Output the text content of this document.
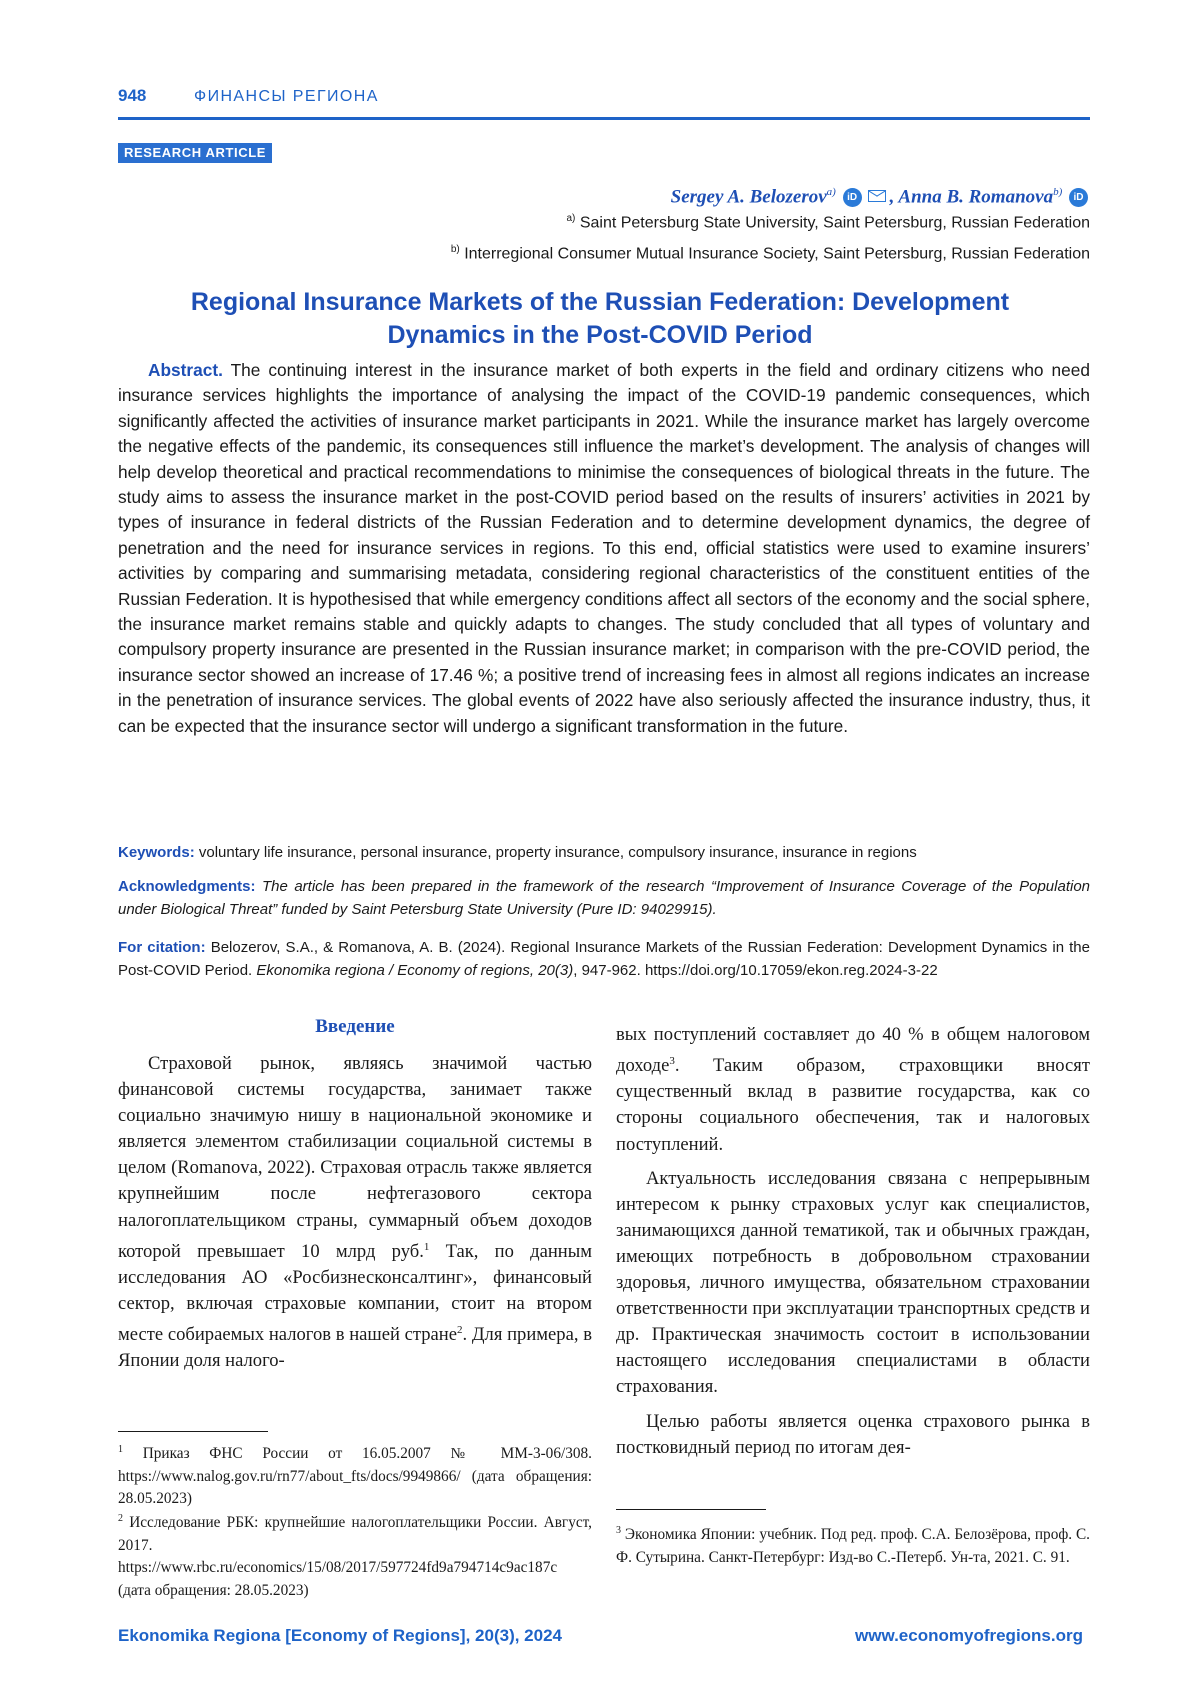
948	ФИНАНСЫ РЕГИОНА
RESEARCH ARTICLE
Sergey A. Belozerov$^{a)}$ iD , Anna B. Romanova$^{b)}$ iD
$^{a)}$ Saint Petersburg State University, Saint Petersburg, Russian Federation
$^{b)}$ Interregional Consumer Mutual Insurance Society, Saint Petersburg, Russian Federation
Regional Insurance Markets of the Russian Federation: Development Dynamics in the Post-COVID Period
Abstract. The continuing interest in the insurance market of both experts in the field and ordinary citizens who need insurance services highlights the importance of analysing the impact of the COVID-19 pandemic consequences, which significantly affected the activities of insurance market participants in 2021. While the insurance market has largely overcome the negative effects of the pandemic, its consequences still influence the market’s development. The analysis of changes will help develop theoretical and practical recommendations to minimise the consequences of biological threats in the future. The study aims to assess the insurance market in the post-COVID period based on the results of insurers’ activities in 2021 by types of insurance in federal districts of the Russian Federation and to determine development dynamics, the degree of penetration and the need for insurance services in regions. To this end, official statistics were used to examine insurers’ activities by comparing and summarising metadata, considering regional characteristics of the constituent entities of the Russian Federation. It is hypothesised that while emergency conditions affect all sectors of the economy and the social sphere, the insurance market remains stable and quickly adapts to changes. The study concluded that all types of voluntary and compulsory property insurance are presented in the Russian insurance market; in comparison with the pre-COVID period, the insurance sector showed an increase of 17.46 %; a positive trend of increasing fees in almost all regions indicates an increase in the penetration of insurance services. The global events of 2022 have also seriously affected the insurance industry, thus, it can be expected that the insurance sector will undergo a significant transformation in the future.
Keywords: voluntary life insurance, personal insurance, property insurance, compulsory insurance, insurance in regions
Acknowledgments: The article has been prepared in the framework of the research “Improvement of Insurance Coverage of the Population under Biological Threat” funded by Saint Petersburg State University (Pure ID: 94029915).
For citation: Belozerov, S.A., & Romanova, A. B. (2024). Regional Insurance Markets of the Russian Federation: Development Dynamics in the Post-COVID Period. Ekonomika regiona / Economy of regions, 20(3), 947-962. https://doi.org/10.17059/ekon.reg.2024-3-22
Введение

Страховой рынок, являясь значимой частью финансовой системы государства, занимает также социально значимую нишу в национальной экономике и является элементом стабилизации социальной системы в целом (Romanova, 2022). Страховая отрасль также является крупнейшим после нефтегазового сектора налогоплательщиком страны, суммарный объем доходов которой превышает 10 млрд руб.$^1$ Так, по данным исследования АО «Росбизнесконсалтинг», финансовый сектор, включая страховые компании, стоит на втором месте собираемых налогов в нашей стране$^2$. Для примера, в Японии доля налого-

вых поступлений составляет до 40 % в общем налоговом доходе$^3$. Таким образом, страховщики вносят существенный вклад в развитие государства, как со стороны социального обеспечения, так и налоговых поступлений.

Актуальность исследования связана с непрерывным интересом к рынку страховых услуг как специалистов, занимающихся данной тематикой, так и обычных граждан, имеющих потребность в добровольном страховании здоровья, личного имущества, обязательном страховании ответственности при эксплуатации транспортных средств и др. Практическая значимость состоит в использовании настоящего исследования специалистами в области страхования.

Целью работы является оценка страхового рынка в постковидный период по итогам дея-

$^1$ Приказ ФНС России от 16.05.2007 № ММ-3-06/308. https://www.nalog.gov.ru/rn77/about_fts/docs/9949866/ (дата обращения: 28.05.2023)
$^2$ Исследование РБК: крупнейшие налогоплательщики России. Август, 2017. https://www.rbc.ru/economics/15/08/2017/597724fd9a794714c9ac187c (дата обращения: 28.05.2023)
$^3$ Экономика Японии: учебник. Под ред. проф. С.А. Белозёрова, проф. С. Ф. Сутырина. Санкт-Петербург: Изд-во С.-Петерб. Ун-та, 2021. С. 91.
Ekonomika Regiona [Economy of Regions], 20(3), 2024	www.economyofregions.org
